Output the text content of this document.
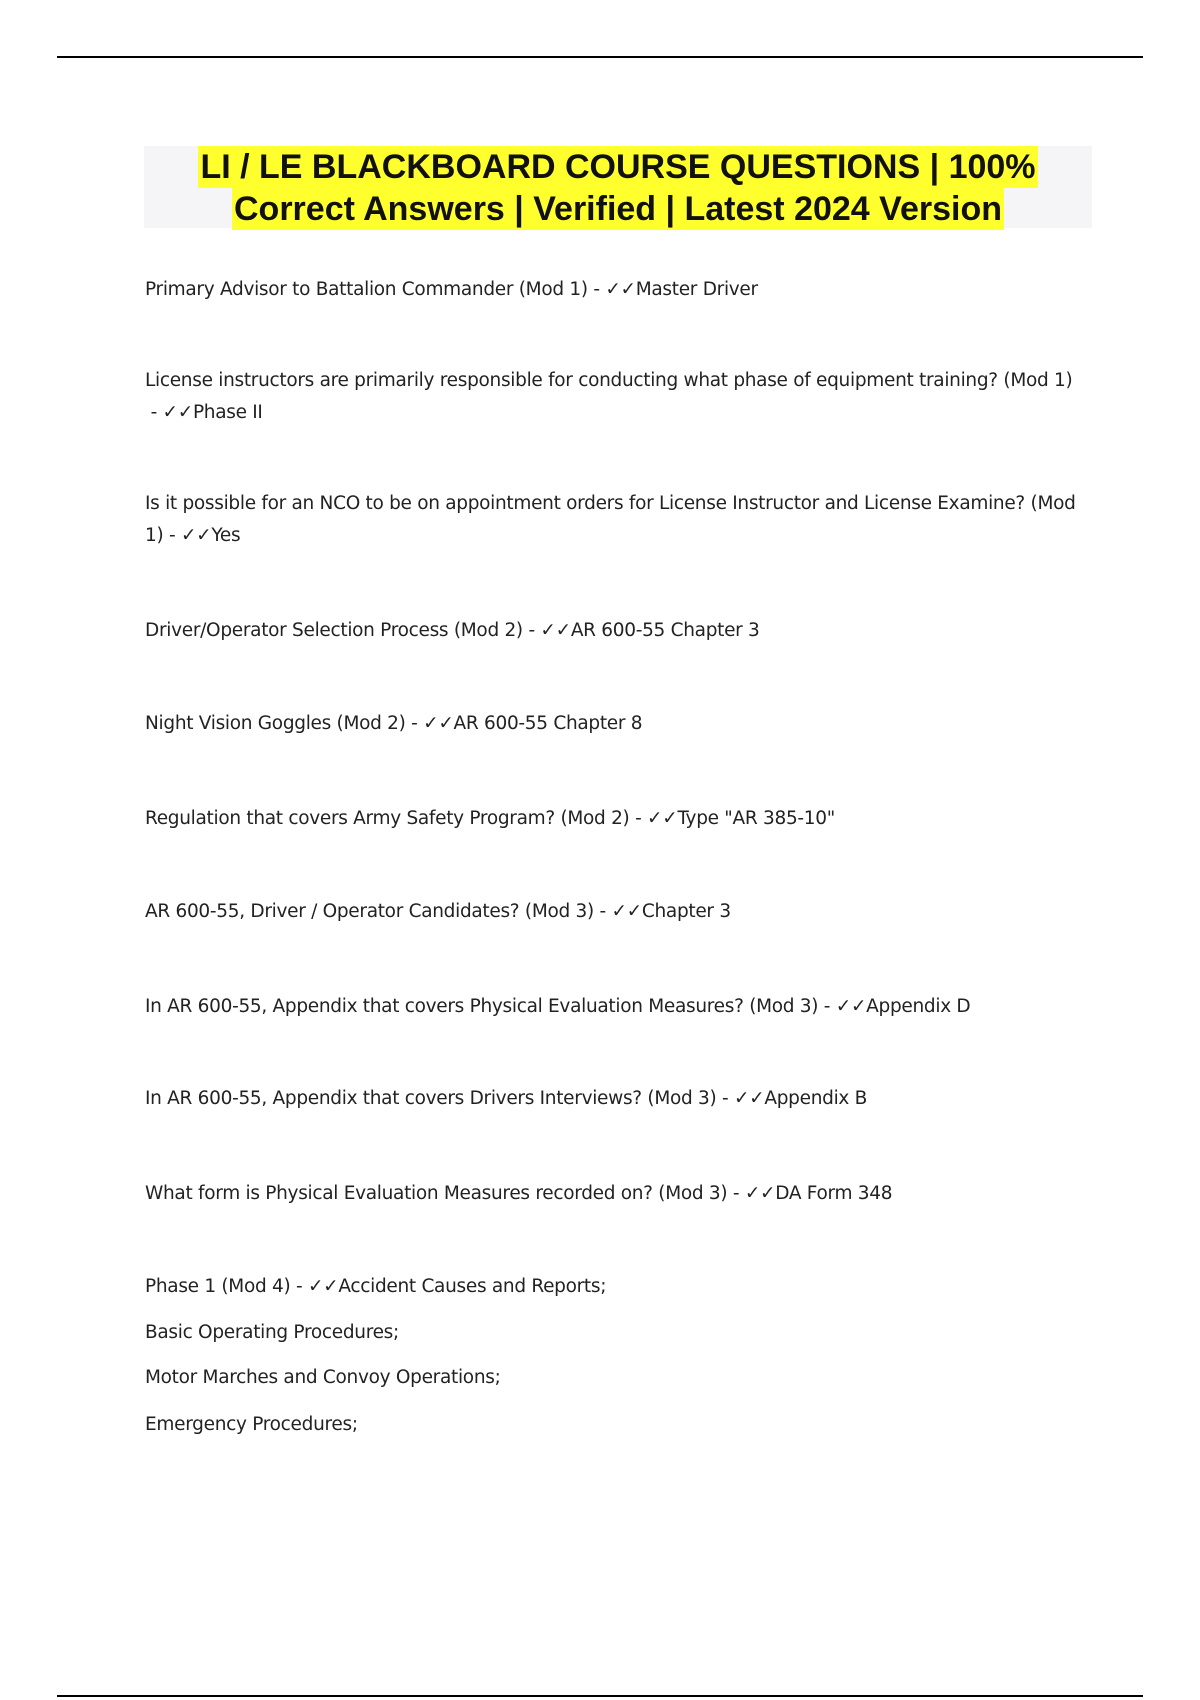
LI / LE BLACKBOARD COURSE QUESTIONS | 100%
Correct Answers | Verified | Latest 2024 Version
Primary Advisor to Battalion Commander (Mod 1) - ✓✓Master Driver
License instructors are primarily responsible for conducting what phase of equipment training? (Mod 1) - ✓✓Phase II
Is it possible for an NCO to be on appointment orders for License Instructor and License Examine? (Mod 1) - ✓✓Yes
Driver/Operator Selection Process (Mod 2) - ✓✓AR 600-55 Chapter 3
Night Vision Goggles (Mod 2) - ✓✓AR 600-55 Chapter 8
Regulation that covers Army Safety Program? (Mod 2) - ✓✓Type "AR 385-10"
AR 600-55, Driver / Operator Candidates? (Mod 3) - ✓✓Chapter 3
In AR 600-55, Appendix that covers Physical Evaluation Measures? (Mod 3) - ✓✓Appendix D
In AR 600-55, Appendix that covers Drivers Interviews? (Mod 3) - ✓✓Appendix B
What form is Physical Evaluation Measures recorded on? (Mod 3) - ✓✓DA Form 348
Phase 1 (Mod 4) - ✓✓Accident Causes and Reports;
Basic Operating Procedures;
Motor Marches and Convoy Operations;
Emergency Procedures;
